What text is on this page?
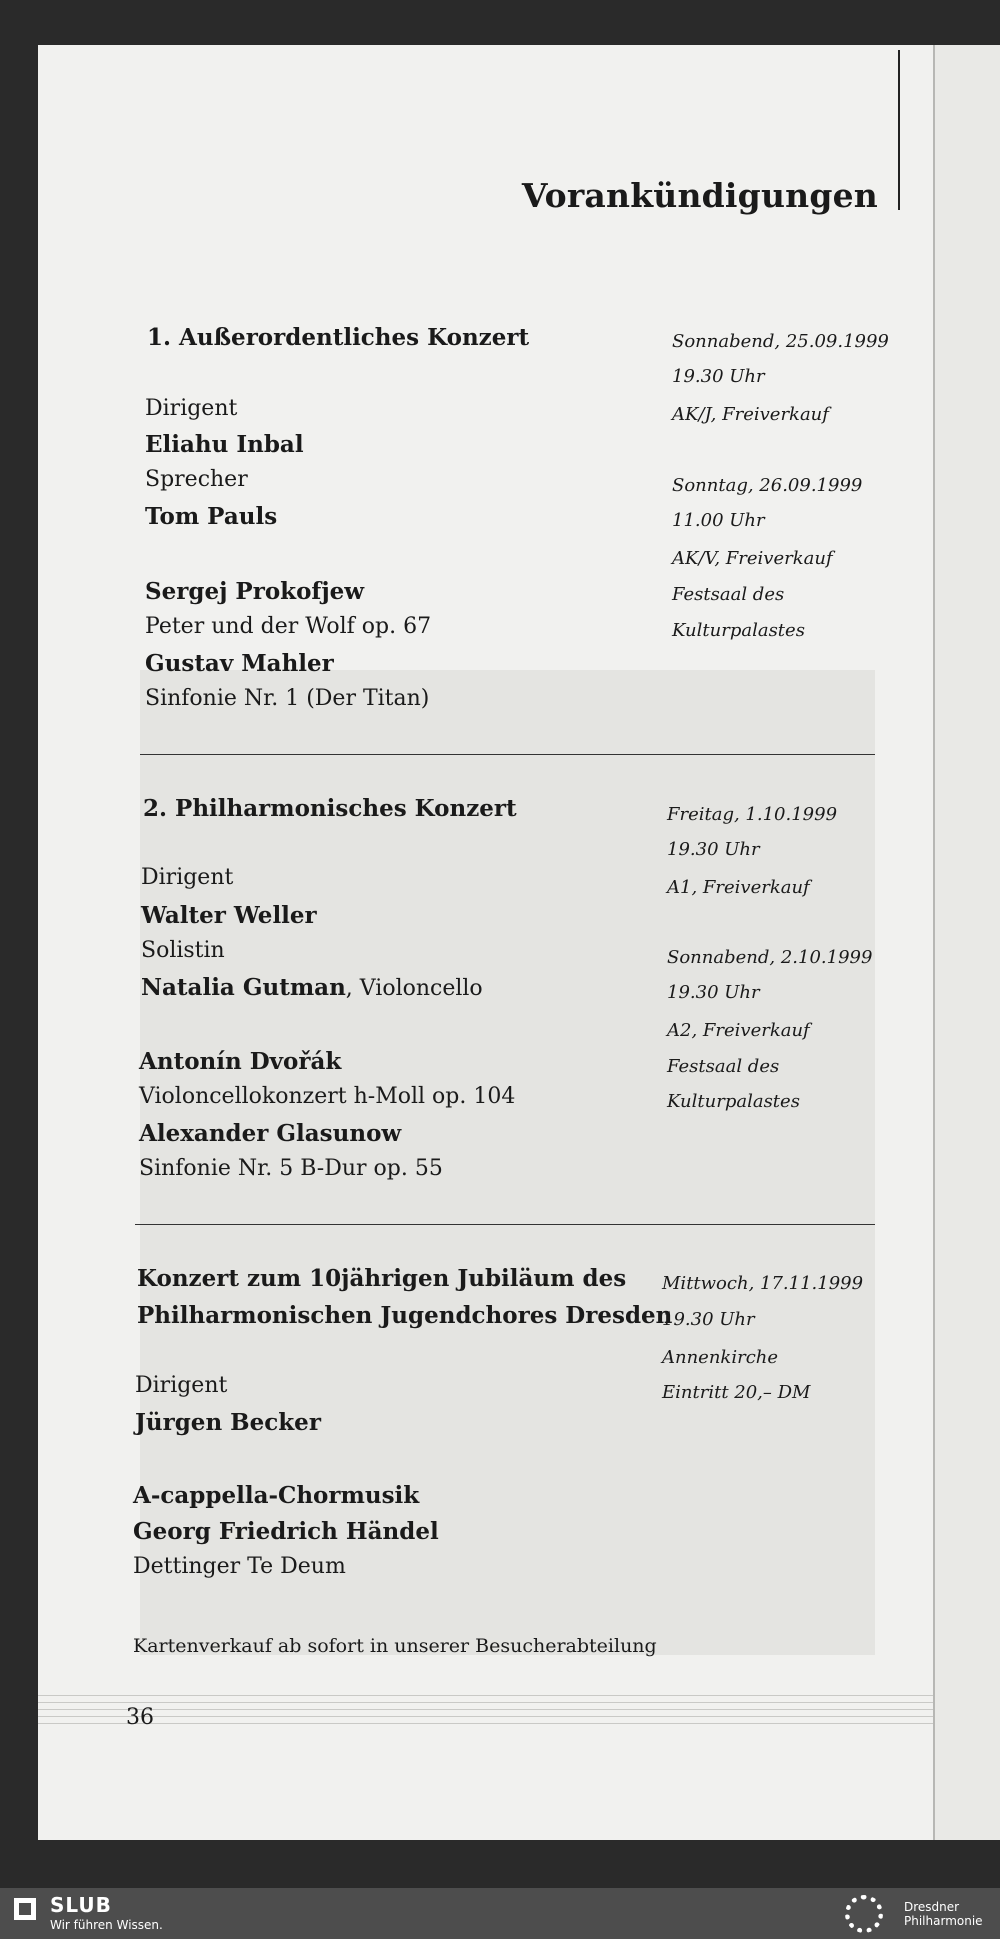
Vorankündigungen
1. Außerordentliches Konzert
Dirigent
Eliahu Inbal
Sprecher
Tom Pauls
Sergej Prokofjew
Peter und der Wolf op. 67
Gustav Mahler
Sinfonie Nr. 1 (Der Titan)
Sonnabend, 25.09.1999
19.30 Uhr
AK/J, Freiverkauf
Sonntag, 26.09.1999
11.00 Uhr
AK/V, Freiverkauf
Festsaal des
Kulturpalastes
2. Philharmonisches Konzert
Dirigent
Walter Weller
Solistin
Natalia Gutman, Violoncello
Antonín Dvořák
Violoncellokonzert h-Moll op. 104
Alexander Glasunow
Sinfonie Nr. 5 B-Dur op. 55
Freitag, 1.10.1999
19.30 Uhr
A1, Freiverkauf
Sonnabend, 2.10.1999
19.30 Uhr
A2, Freiverkauf
Festsaal des
Kulturpalastes
Konzert zum 10jährigen Jubiläum des
Philharmonischen Jugendchores Dresden
Dirigent
Jürgen Becker
A-cappella-Chormusik
Georg Friedrich Händel
Dettinger Te Deum
Mittwoch, 17.11.1999
19.30 Uhr
Annenkirche
Eintritt 20,– DM
Kartenverkauf ab sofort in unserer Besucherabteilung
36
SLUB
Wir führen Wissen.
Dresdner
Philharmonie
